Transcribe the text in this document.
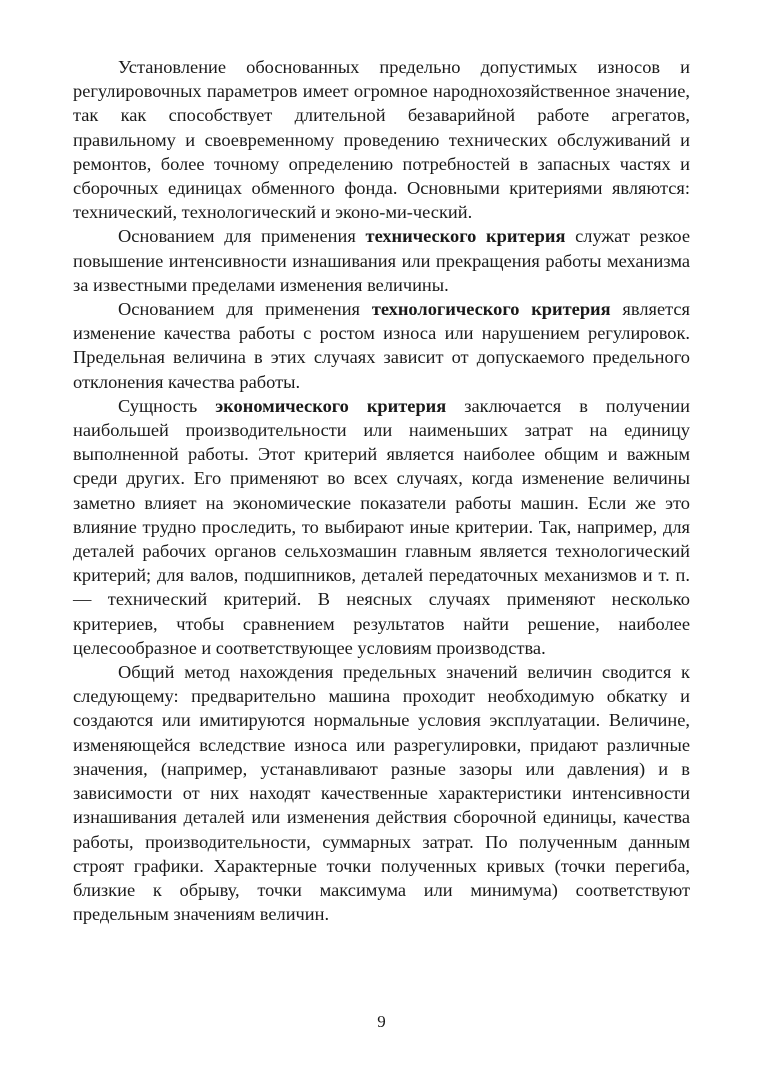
Установление обоснованных предельно допустимых износов и регулировочных параметров имеет огромное народнохозяйственное значение, так как способствует длительной безаварийной работе агрегатов, правильному и своевременному проведению технических обслуживаний и ремонтов, более точному определению потребностей в запасных частях и сборочных единицах обменного фонда. Основными критериями являются: технический, технологический и эконо-ми-ческий.

Основанием для применения технического критерия служат резкое повышение интенсивности изнашивания или прекращения работы механизма за известными пределами изменения величины.

Основанием для применения технологического критерия является изменение качества работы с ростом износа или нарушением регулировок. Предельная величина в этих случаях зависит от допускаемого предельного отклонения качества работы.

Сущность экономического критерия заключается в получении наибольшей производительности или наименьших затрат на единицу выполненной работы. Этот критерий является наиболее общим и важным среди других. Его применяют во всех случаях, когда изменение величины заметно влияет на экономические показатели работы машин. Если же это влияние трудно проследить, то выбирают иные критерии. Так, например, для деталей рабочих органов сельхозмашин главным является технологический критерий; для валов, подшипников, деталей передаточных механизмов и т. п. — технический критерий. В неясных случаях применяют несколько критериев, чтобы сравнением результатов найти решение, наиболее целесообразное и соответствующее условиям производства.

Общий метод нахождения предельных значений величин сводится к следующему: предварительно машина проходит необходимую обкатку и создаются или имитируются нормальные условия эксплуатации. Величине, изменяющейся вследствие износа или разрегулировки, придают различные значения, (например, устанавливают разные зазоры или давления) и в зависимости от них находят качественные характеристики интенсивности изнашивания деталей или изменения действия сборочной единицы, качества работы, производительности, суммарных затрат. По полученным данным строят графики. Характерные точки полученных кривых (точки перегиба, близкие к обрыву, точки максимума или минимума) соответствуют предельным значениям величин.

9
